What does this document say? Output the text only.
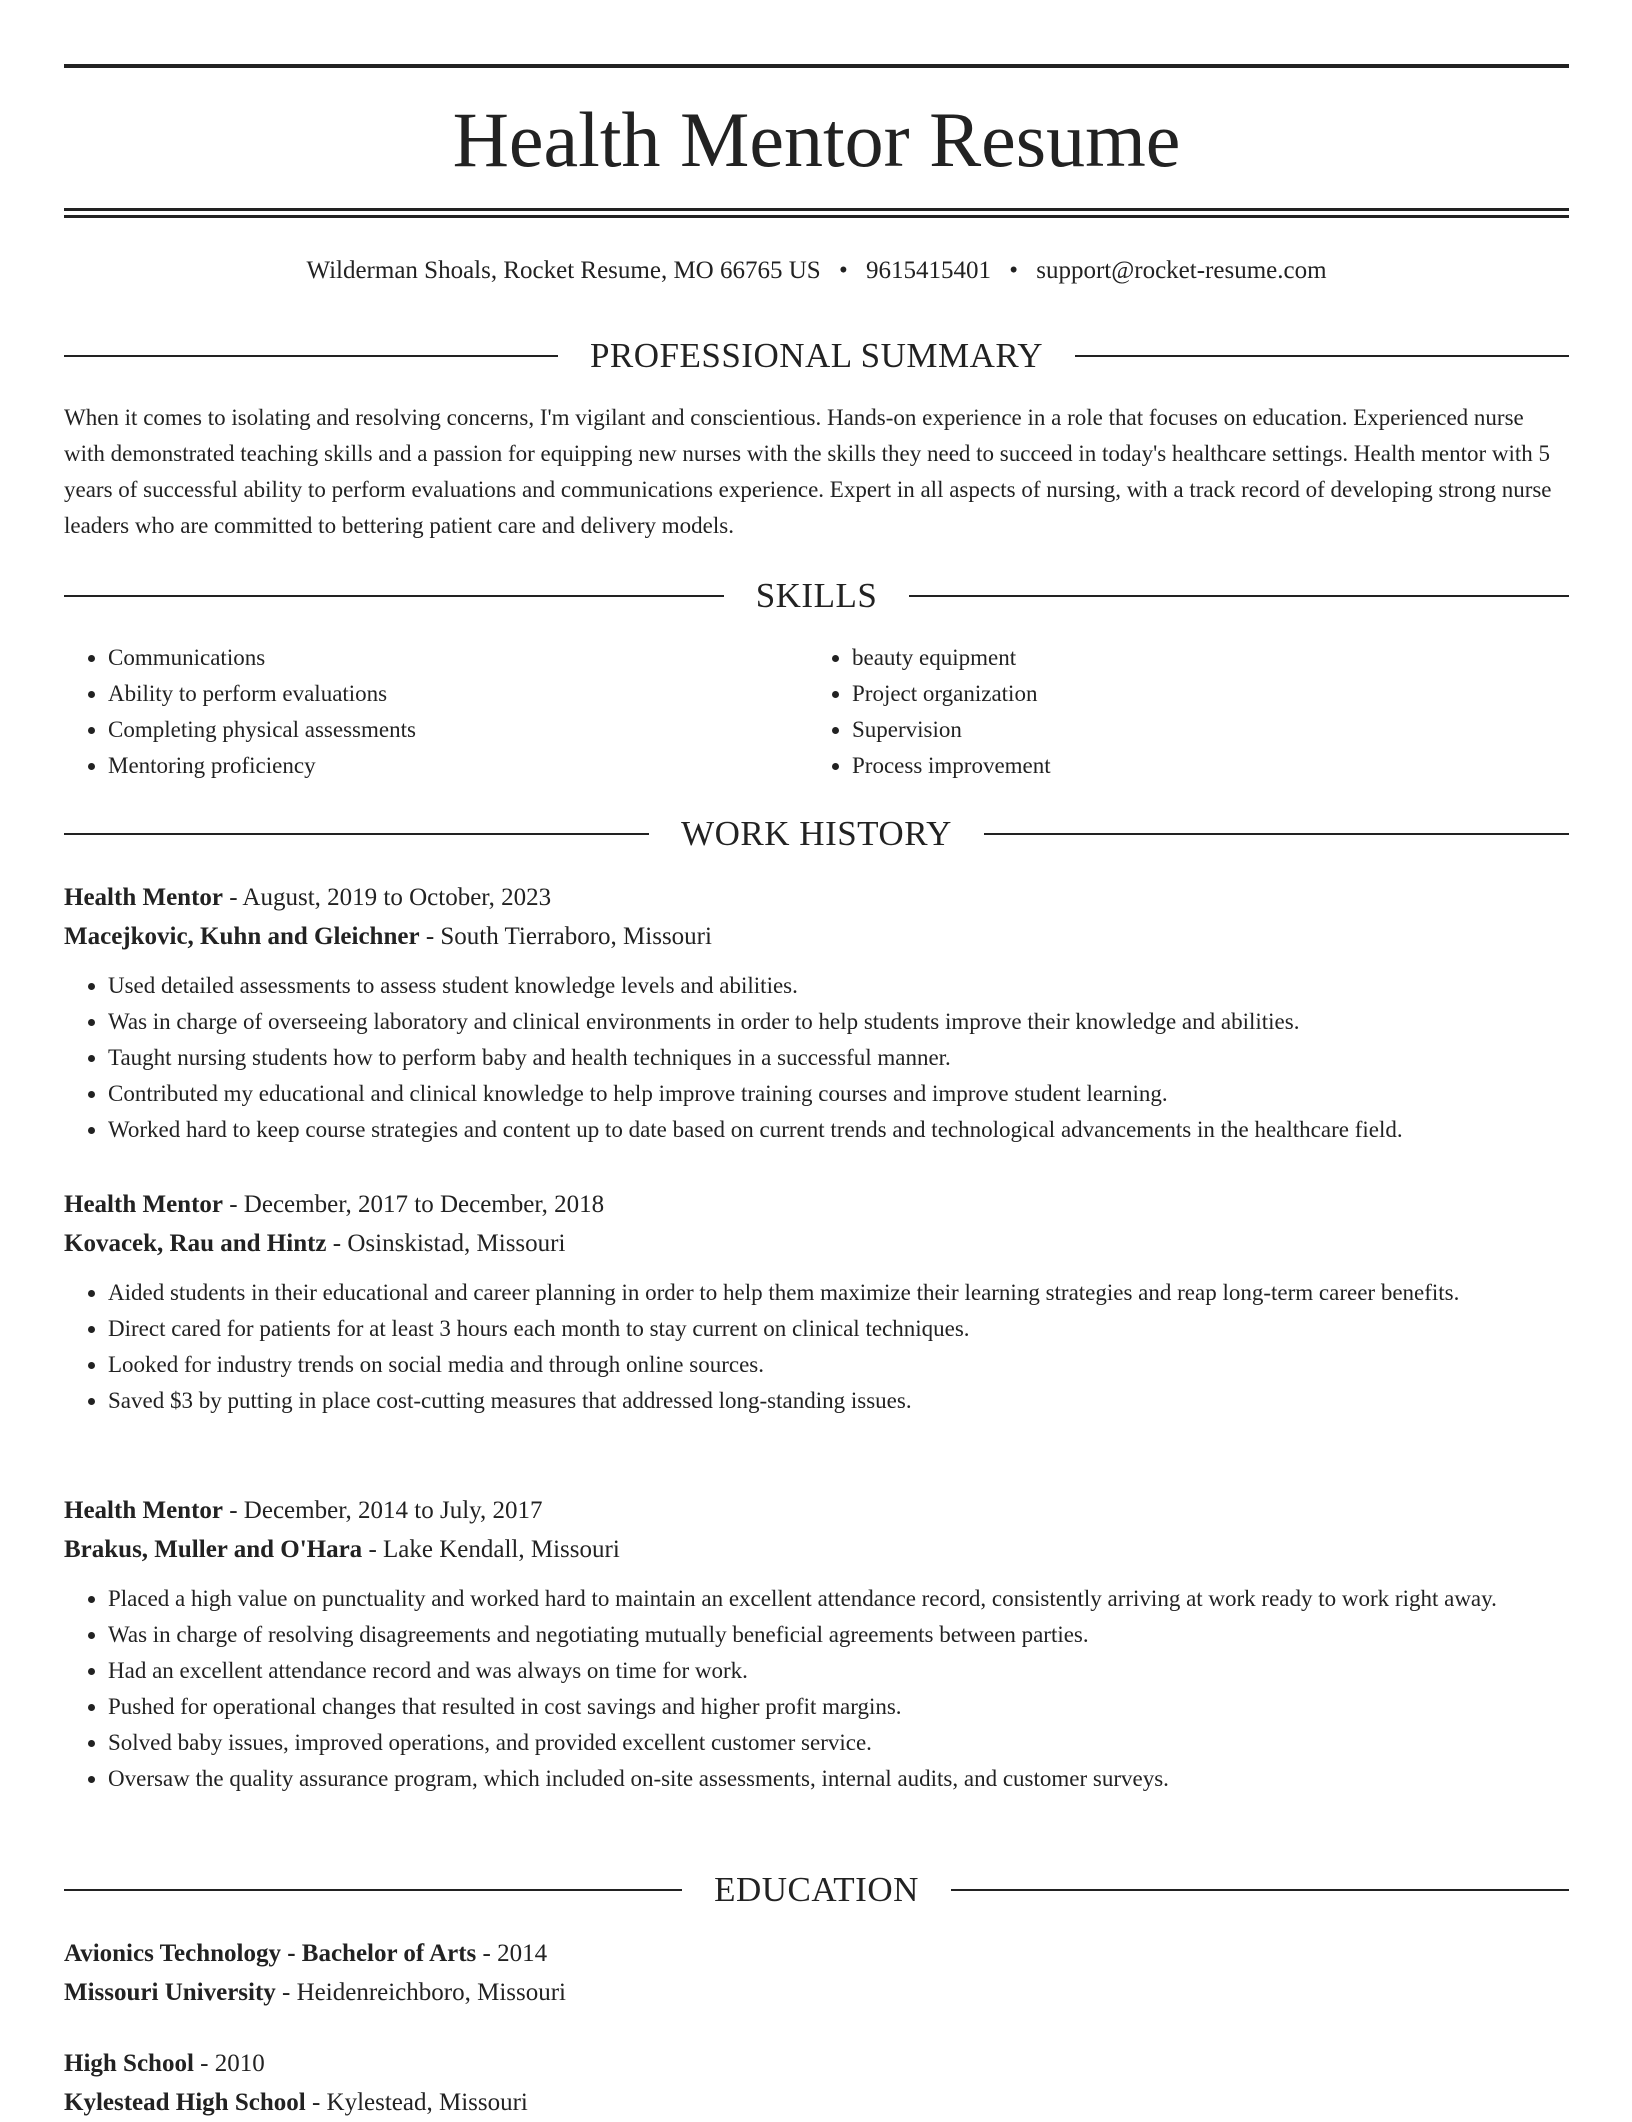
Health Mentor Resume
Wilderman Shoals, Rocket Resume, MO 66765 US • 9615415401 • support@rocket-resume.com
PROFESSIONAL SUMMARY

When it comes to isolating and resolving concerns, I'm vigilant and conscientious. Hands-on experience in a role that focuses on education. Experienced nurse with demonstrated teaching skills and a passion for equipping new nurses with the skills they need to succeed in today's healthcare settings. Health mentor with 5 years of successful ability to perform evaluations and communications experience. Expert in all aspects of nursing, with a track record of developing strong nurse leaders who are committed to bettering patient care and delivery models.

SKILLS
• Communications
• Ability to perform evaluations
• Completing physical assessments
• Mentoring proficiency
• beauty equipment
• Project organization
• Supervision
• Process improvement
WORK HISTORY

Health Mentor - August, 2019 to October, 2023

Macejkovic, Kuhn and Gleichner - South Tierraboro, Missouri

• Used detailed assessments to assess student knowledge levels and abilities.
• Was in charge of overseeing laboratory and clinical environments in order to help students improve their knowledge and abilities.
• Taught nursing students how to perform baby and health techniques in a successful manner.
• Contributed my educational and clinical knowledge to help improve training courses and improve student learning.
• Worked hard to keep course strategies and content up to date based on current trends and technological advancements in the healthcare field.

Health Mentor - December, 2017 to December, 2018

Kovacek, Rau and Hintz - Osinskistad, Missouri

• Aided students in their educational and career planning in order to help them maximize their learning strategies and reap long-term career benefits.
• Direct cared for patients for at least 3 hours each month to stay current on clinical techniques.
• Looked for industry trends on social media and through online sources.
• Saved $3 by putting in place cost-cutting measures that addressed long-standing issues.

Health Mentor - December, 2014 to July, 2017

Brakus, Muller and O'Hara - Lake Kendall, Missouri

• Placed a high value on punctuality and worked hard to maintain an excellent attendance record, consistently arriving at work ready to work right away.
• Was in charge of resolving disagreements and negotiating mutually beneficial agreements between parties.
• Had an excellent attendance record and was always on time for work.
• Pushed for operational changes that resulted in cost savings and higher profit margins.
• Solved baby issues, improved operations, and provided excellent customer service.
• Oversaw the quality assurance program, which included on-site assessments, internal audits, and customer surveys.
EDUCATION

Avionics Technology - Bachelor of Arts - 2014

Missouri University - Heidenreichboro, Missouri

High School - 2010

Kylestead High School - Kylestead, Missouri
